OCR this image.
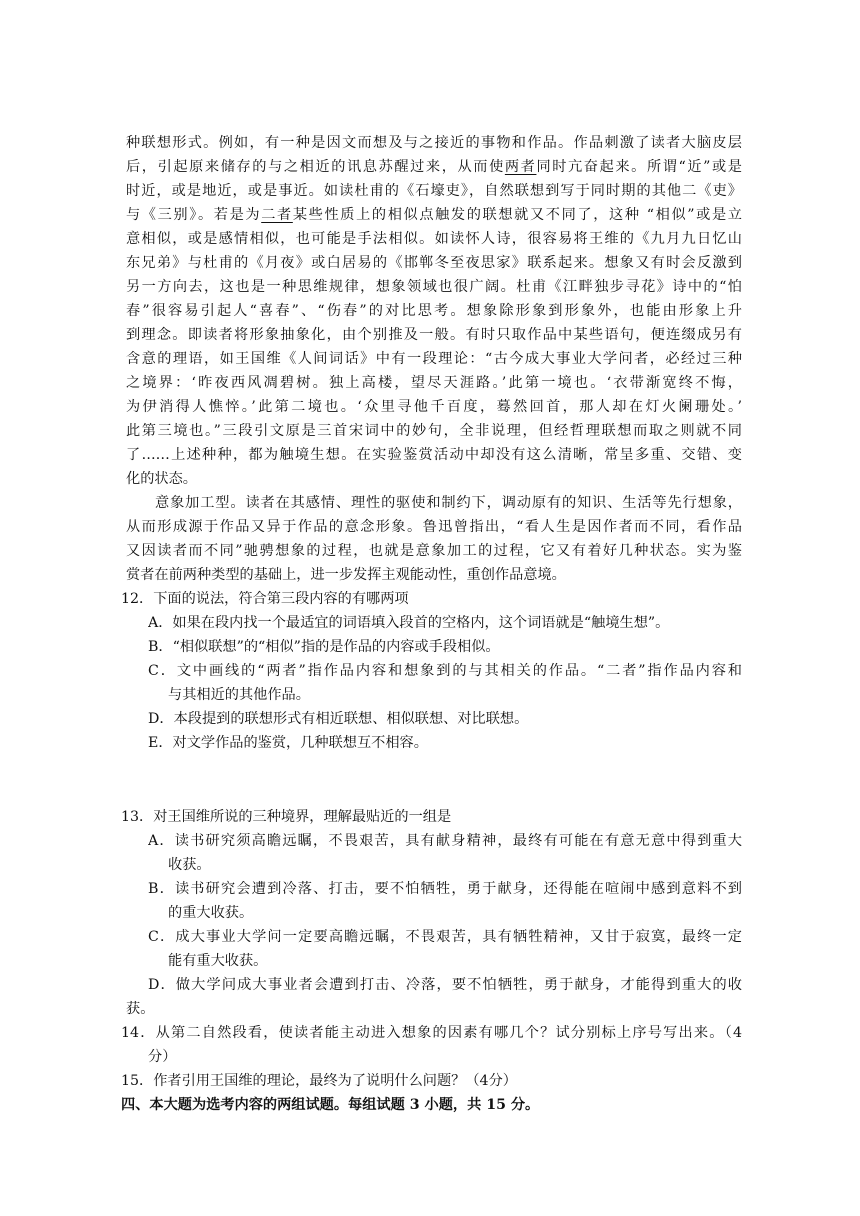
种联想形式。例如，有一种是因文而想及与之接近的事物和作品。作品刺激了读者大脑皮层
后，引起原来储存的与之相近的讯息苏醒过来，从而使两者同时亢奋起来。所谓“近”或是
时近，或是地近，或是事近。如读杜甫的《石壕吏》，自然联想到写于同时期的其他二《吏》
与《三别》。若是为二者某些性质上的相似点触发的联想就又不同了，这种 “相似”或是立
意相似，或是感情相似，也可能是手法相似。如读怀人诗，很容易将王维的《九月九日忆山
东兄弟》与杜甫的《月夜》或白居易的《邯郸冬至夜思家》联系起来。想象又有时会反激到
另一方向去，这也是一种思维规律，想象领域也很广阔。杜甫《江畔独步寻花》诗中的“怕
春”很容易引起人“喜春”、“伤春”的对比思考。想象除形象到形象外，也能由形象上升
到理念。即读者将形象抽象化，由个别推及一般。有时只取作品中某些语句，便连缀成另有
含意的理语，如王国维《人间词话》中有一段理论：“古今成大事业大学问者，必经过三种
之境界：‘昨夜西风凋碧树。独上高楼，望尽天涯路。’此第一境也。‘衣带渐宽终不悔，
为伊消得人憔悴。’此第二境也。‘众里寻他千百度，蓦然回首，那人却在灯火阑珊处。’
此第三境也。”三段引文原是三首宋词中的妙句，全非说理，但经哲理联想而取之则就不同
了……上述种种，都为触境生想。在实验鉴赏活动中却没有这么清晰，常呈多重、交错、变
化的状态。
意象加工型。读者在其感情、理性的驱使和制约下，调动原有的知识、生活等先行想象，
从而形成源于作品又异于作品的意念形象。鲁迅曾指出，“看人生是因作者而不同，看作品
又因读者而不同”驰骋想象的过程，也就是意象加工的过程，它又有着好几种状态。实为鉴
赏者在前两种类型的基础上，进一步发挥主观能动性，重创作品意境。
12．下面的说法，符合第三段内容的有哪两项
A．如果在段内找一个最适宜的词语填入段首的空格内，这个词语就是“触境生想”。
B．“相似联想”的“相似”指的是作品的内容或手段相似。
C．文中画线的“两者”指作品内容和想象到的与其相关的作品。“二者”指作品内容和
与其相近的其他作品。
D．本段提到的联想形式有相近联想、相似联想、对比联想。
E．对文学作品的鉴赏，几种联想互不相容。
13．对王国维所说的三种境界，理解最贴近的一组是
A．读书研究须高瞻远瞩，不畏艰苦，具有献身精神，最终有可能在有意无意中得到重大
收获。
B．读书研究会遭到冷落、打击，要不怕牺牲，勇于献身，还得能在喧闹中感到意料不到
的重大收获。
C．成大事业大学问一定要高瞻远瞩，不畏艰苦，具有牺牲精神，又甘于寂寞，最终一定
能有重大收获。
D．做大学问成大事业者会遭到打击、冷落，要不怕牺牲，勇于献身，才能得到重大的收
获。
14．从第二自然段看，使读者能主动进入想象的因素有哪几个？试分别标上序号写出来。（4
分）
15．作者引用王国维的理论，最终为了说明什么问题？（4分）
四、本大题为选考内容的两组试题。每组试题 3 小题，共 15 分。
